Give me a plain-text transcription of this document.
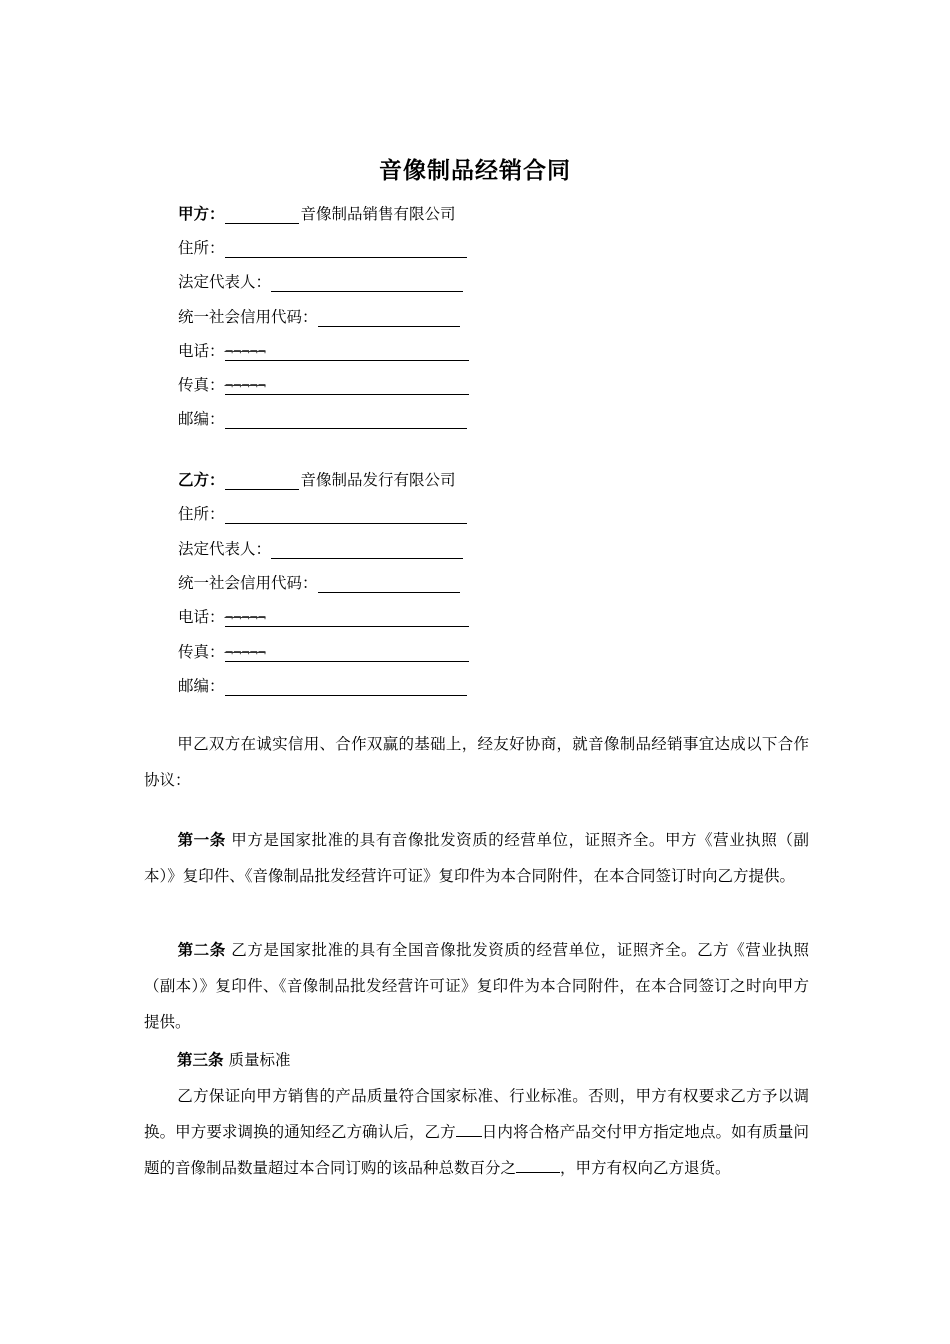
音像制品经销合同
甲方：	音像制品销售有限公司
住所：
法定代表人：
统一社会信用代码：
电话： ¬¬¬¬¬
传真： ¬¬¬¬¬
邮编：
乙方：	音像制品发行有限公司
住所：
法定代表人：
统一社会信用代码：
电话： ¬¬¬¬¬
传真： ¬¬¬¬¬
邮编：
甲乙双方在诚实信用、合作双赢的基础上，经友好协商，就音像制品经销事宜达成以下合作协议：
第一条 甲方是国家批准的具有音像批发资质的经营单位，证照齐全。甲方《营业执照（副本）》复印件、《音像制品批发经营许可证》复印件为本合同附件，在本合同签订时向乙方提供。
第二条 乙方是国家批准的具有全国音像批发资质的经营单位，证照齐全。乙方《营业执照（副本）》复印件、《音像制品批发经营许可证》复印件为本合同附件，在本合同签订之时向甲方提供。
第三条 质量标准
乙方保证向甲方销售的产品质量符合国家标准、行业标准。否则，甲方有权要求乙方予以调换。甲方要求调换的通知经乙方确认后，乙方 日内将合格产品交付甲方指定地点。如有质量问题的音像制品数量超过本合同订购的该品种总数百分之	，甲方有权向乙方退货。
